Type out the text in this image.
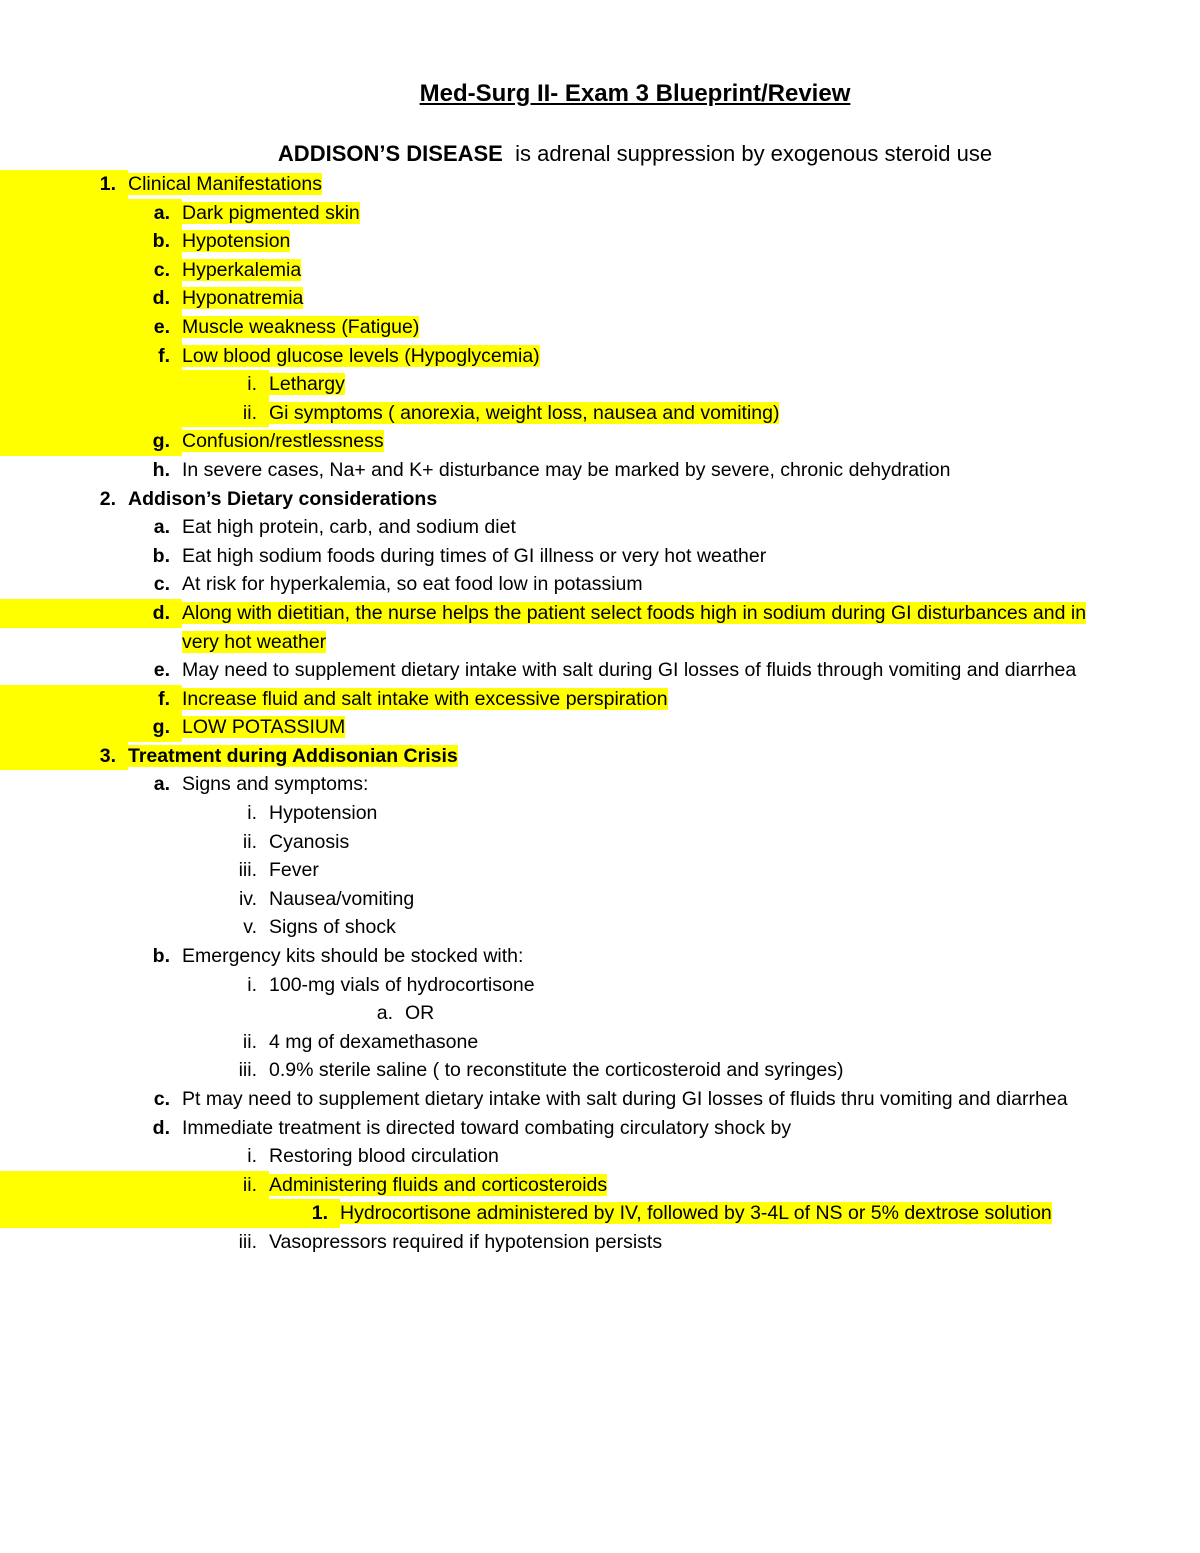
Med-Surg II- Exam 3 Blueprint/Review
ADDISON’S DISEASE is adrenal suppression by exogenous steroid use
1. Clinical Manifestations
a. Dark pigmented skin
b. Hypotension
c. Hyperkalemia
d. Hyponatremia
e. Muscle weakness (Fatigue)
f. Low blood glucose levels (Hypoglycemia)
i. Lethargy
ii. Gi symptoms ( anorexia, weight loss, nausea and vomiting)
g. Confusion/restlessness
h. In severe cases, Na+ and K+ disturbance may be marked by severe, chronic dehydration
2. Addison’s Dietary considerations
a. Eat high protein, carb, and sodium diet
b. Eat high sodium foods during times of GI illness or very hot weather
c. At risk for hyperkalemia, so eat food low in potassium
d. Along with dietitian, the nurse helps the patient select foods high in sodium during GI disturbances and in very hot weather
e. May need to supplement dietary intake with salt during GI losses of fluids through vomiting and diarrhea
f. Increase fluid and salt intake with excessive perspiration
g. LOW POTASSIUM
3. Treatment during Addisonian Crisis
a. Signs and symptoms:
i. Hypotension
ii. Cyanosis
iii. Fever
iv. Nausea/vomiting
v. Signs of shock
b. Emergency kits should be stocked with:
i. 100-mg vials of hydrocortisone
a. OR
ii. 4 mg of dexamethasone
iii. 0.9% sterile saline ( to reconstitute the corticosteroid and syringes)
c. Pt may need to supplement dietary intake with salt during GI losses of fluids thru vomiting and diarrhea
d. Immediate treatment is directed toward combating circulatory shock by
i. Restoring blood circulation
ii. Administering fluids and corticosteroids
1. Hydrocortisone administered by IV, followed by 3-4L of NS or 5% dextrose solution
iii. Vasopressors required if hypotension persists
